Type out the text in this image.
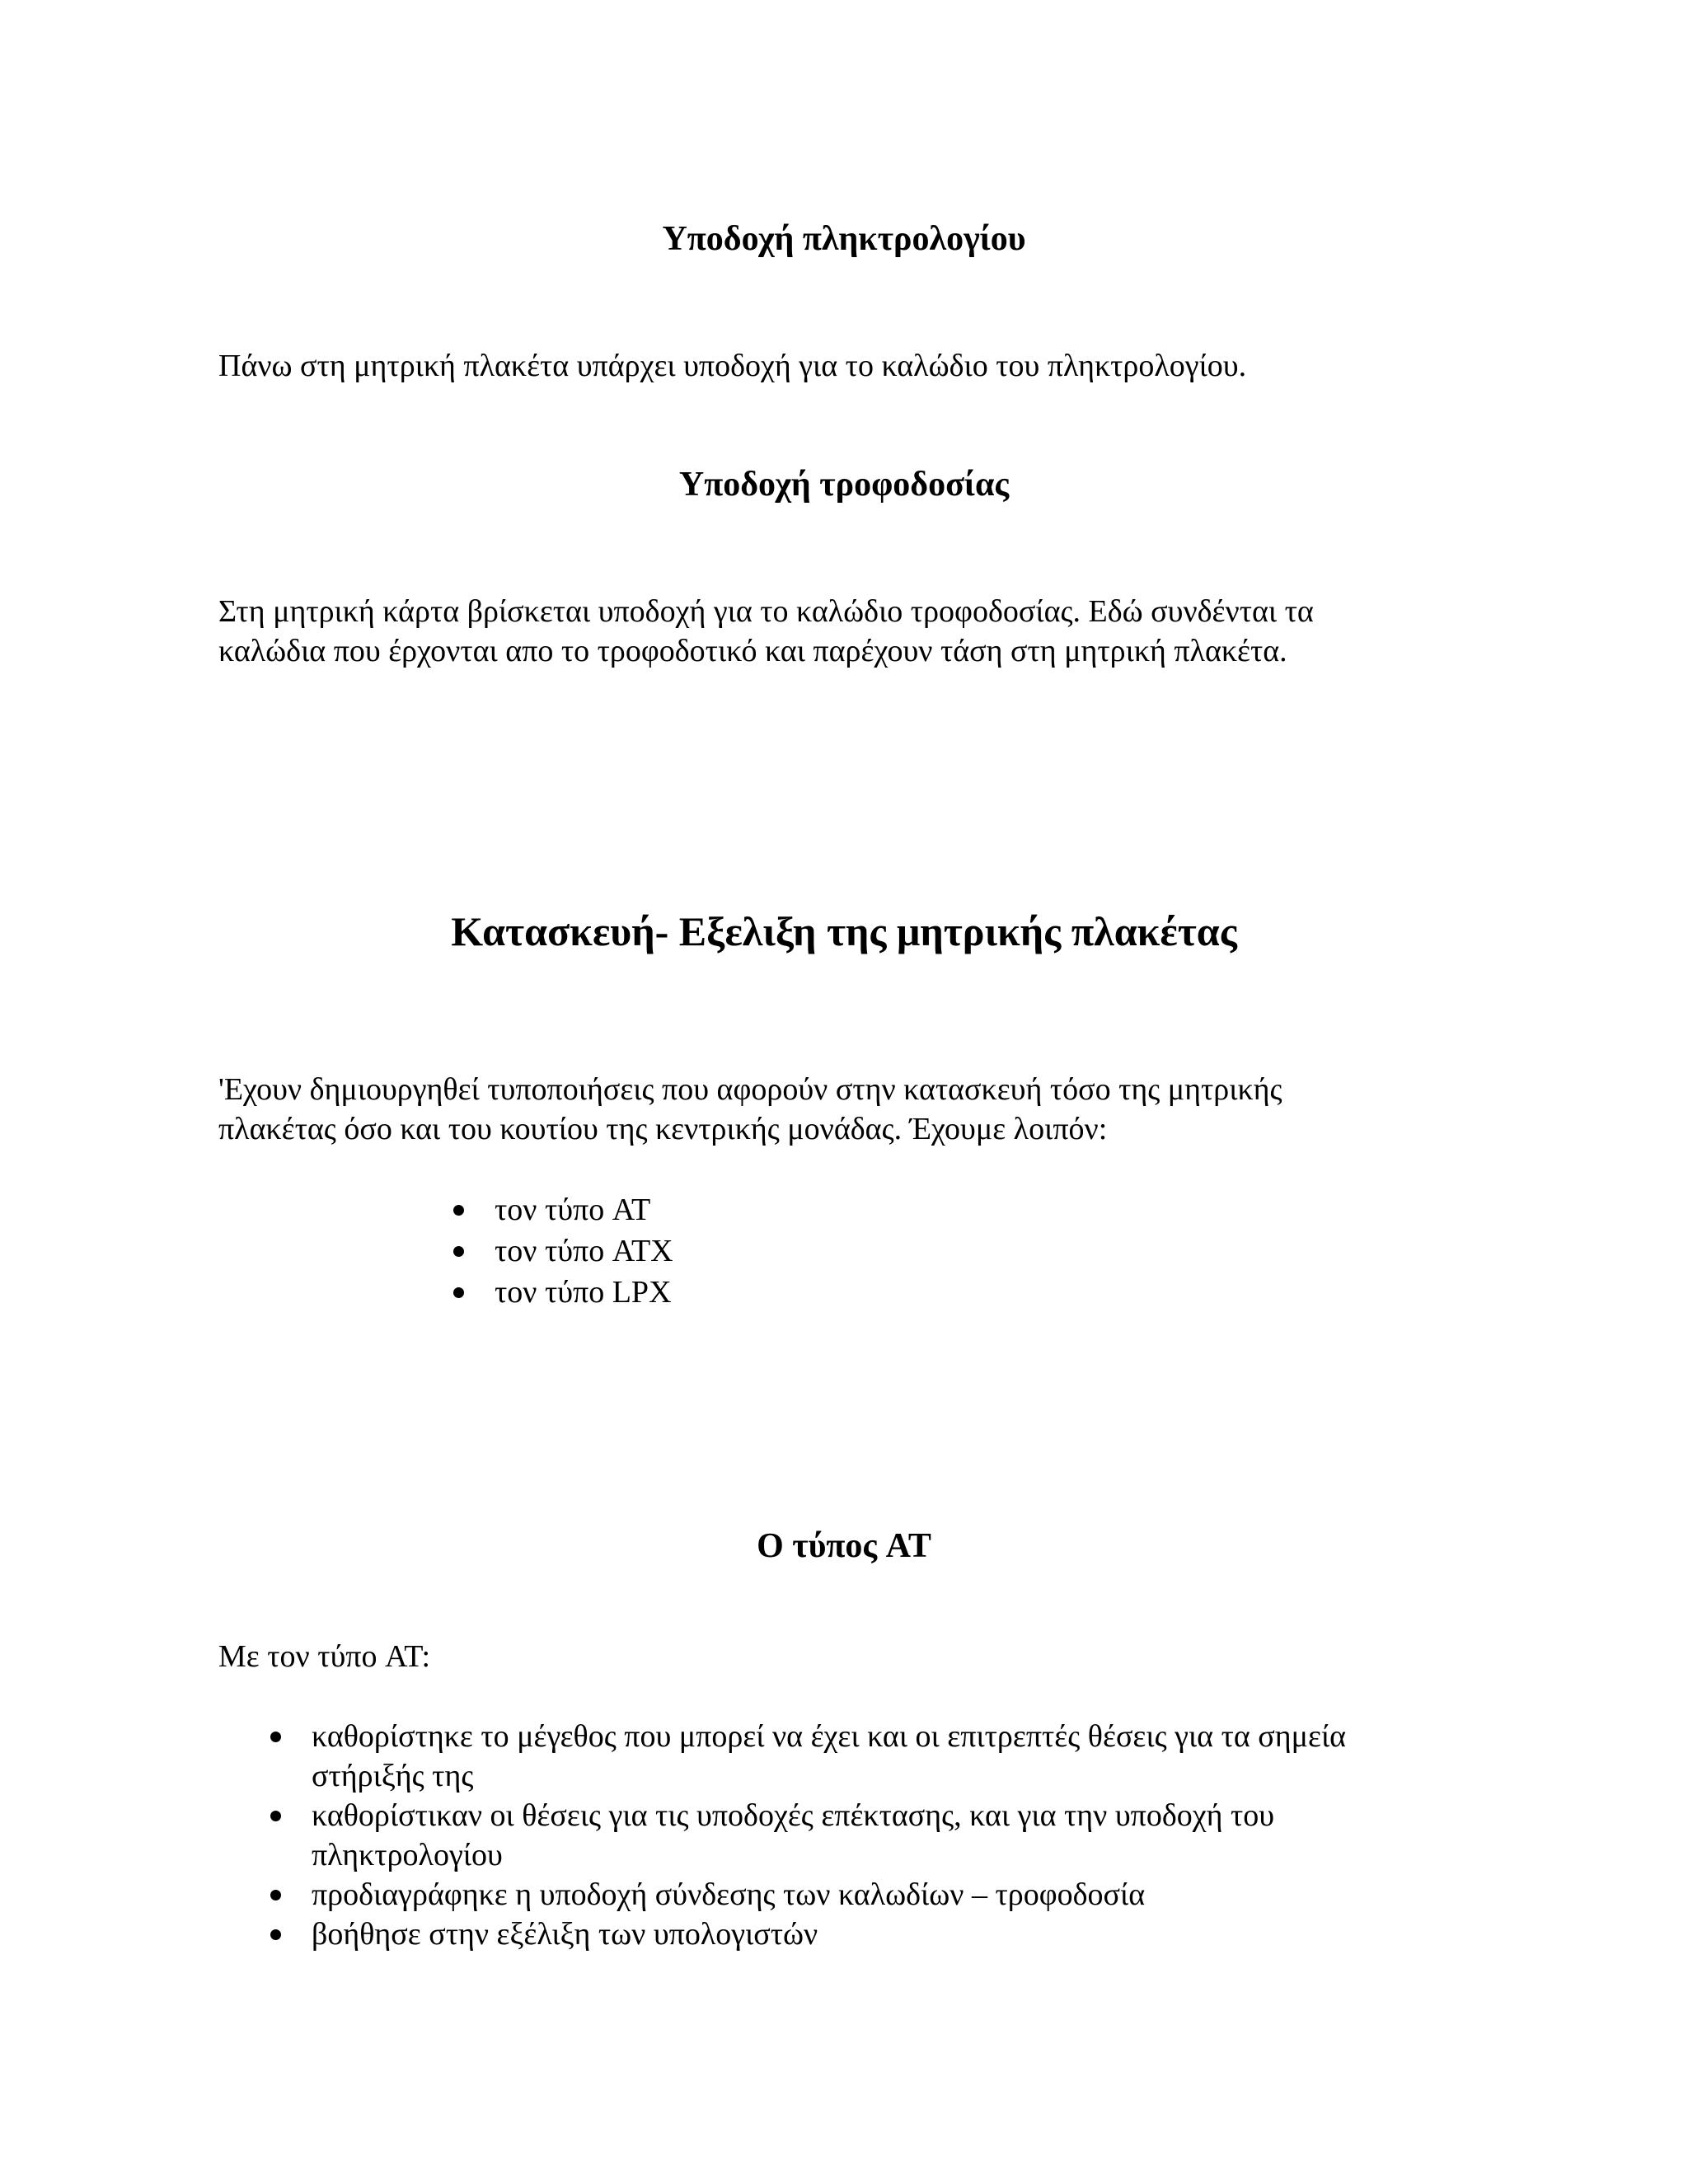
Υποδοχή πληκτρολογίου

Πάνω στη μητρική πλακέτα υπάρχει υποδοχή για το καλώδιο του πληκτρολογίου.

Υποδοχή τροφοδοσίας

Στη μητρική κάρτα βρίσκεται υποδοχή για το καλώδιο τροφοδοσίας. Εδώ συνδένται τα
καλώδια που έρχονται απο το τροφοδοτικό και παρέχουν τάση στη μητρική πλακέτα.

Κατασκευή- Εξελιξη της μητρικής πλακέτας

'Εχουν δημιουργηθεί τυποποιήσεις που αφορούν στην κατασκευή τόσο της μητρικής
πλακέτας όσο και του κουτίου της κεντρικής μονάδας. Έχουμε λοιπόν:

τον τύπο AT
τον τύπο ATX
τον τύπο LPX
Ο τύπος AT

Με τον τύπο AT:

καθορίστηκε το μέγεθος που μπορεί να έχει και οι επιτρεπτές θέσεις για τα σημεία
στήριξής της
καθορίστικαν οι θέσεις για τις υποδοχές επέκτασης, και για την υποδοχή του
πληκτρολογίου
προδιαγράφηκε η υποδοχή σύνδεσης των καλωδίων – τροφοδοσία
βοήθησε στην εξέλιξη των υπολογιστών
